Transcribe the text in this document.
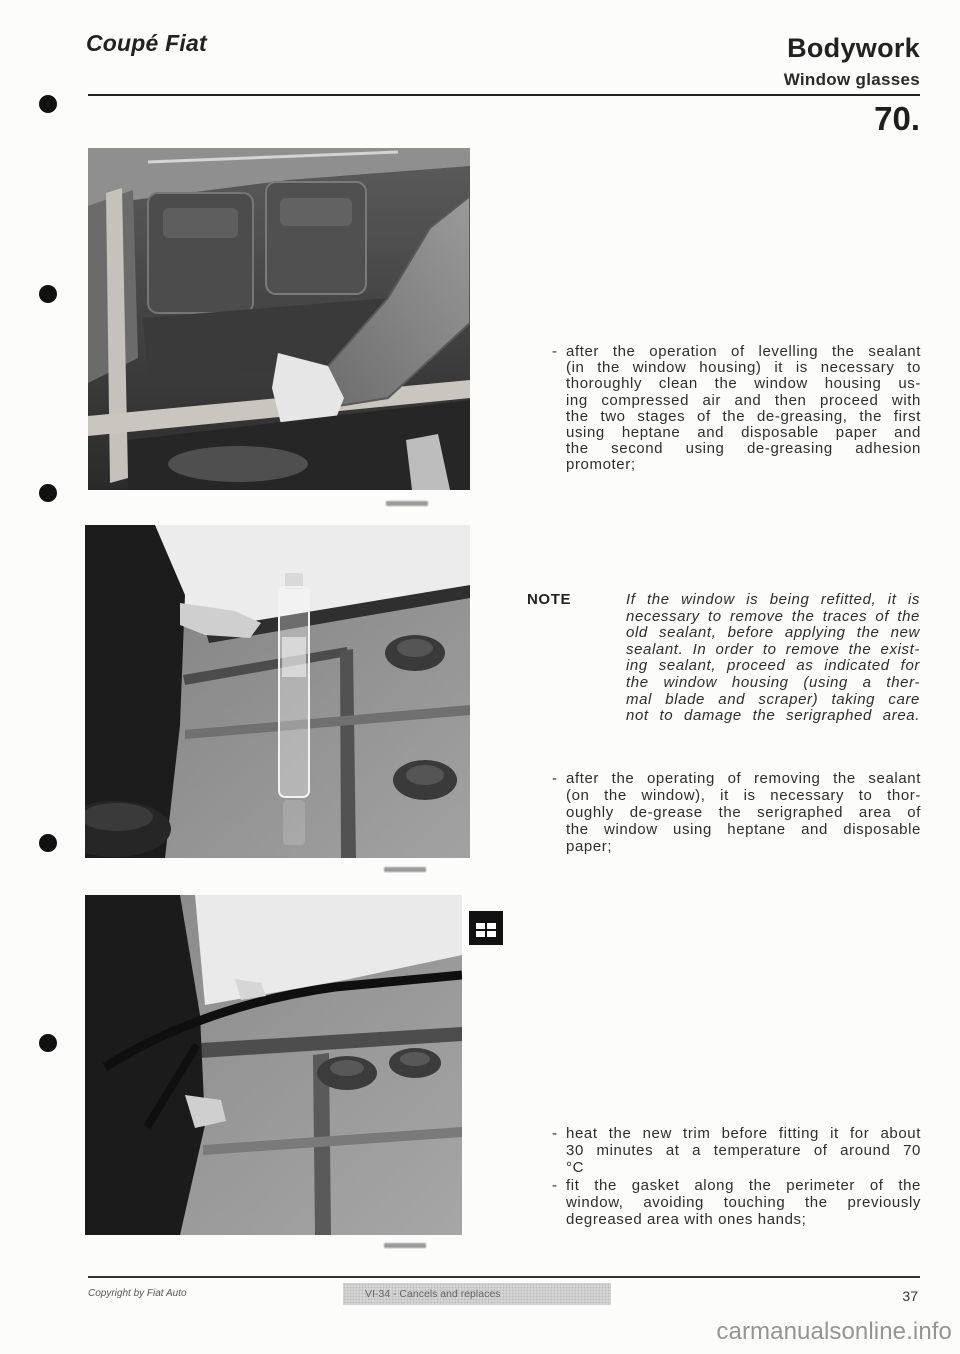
Coupé Fiat	Bodywork
Window glasses
70.
- after the operation of levelling the sealant
(in the window housing) it is necessary to
thoroughly clean the window housing us-
ing compressed air and then proceed with
the two stages of the de-greasing, the first
using heptane and disposable paper and
the second using de-greasing adhesion
promoter;
NOTE	If the window is being refitted, it is
necessary to remove the traces of the
old sealant, before applying the new
sealant. In order to remove the exist-
ing sealant, proceed as indicated for
the window housing (using a ther-
mal blade and scraper) taking care
not to damage the serigraphed area.
- after the operating of removing the sealant
(on the window), it is necessary to thor-
oughly de-grease the serigraphed area of
the window using heptane and disposable
paper;
- heat the new trim before fitting it for about
30 minutes at a temperature of around 70
°C
- fit the gasket along the perimeter of the
window, avoiding touching the previously
degreased area with ones hands;
Copyright by Fiat Auto	VI-34 - Cancels and replaces	37
carmanualsonline.info
